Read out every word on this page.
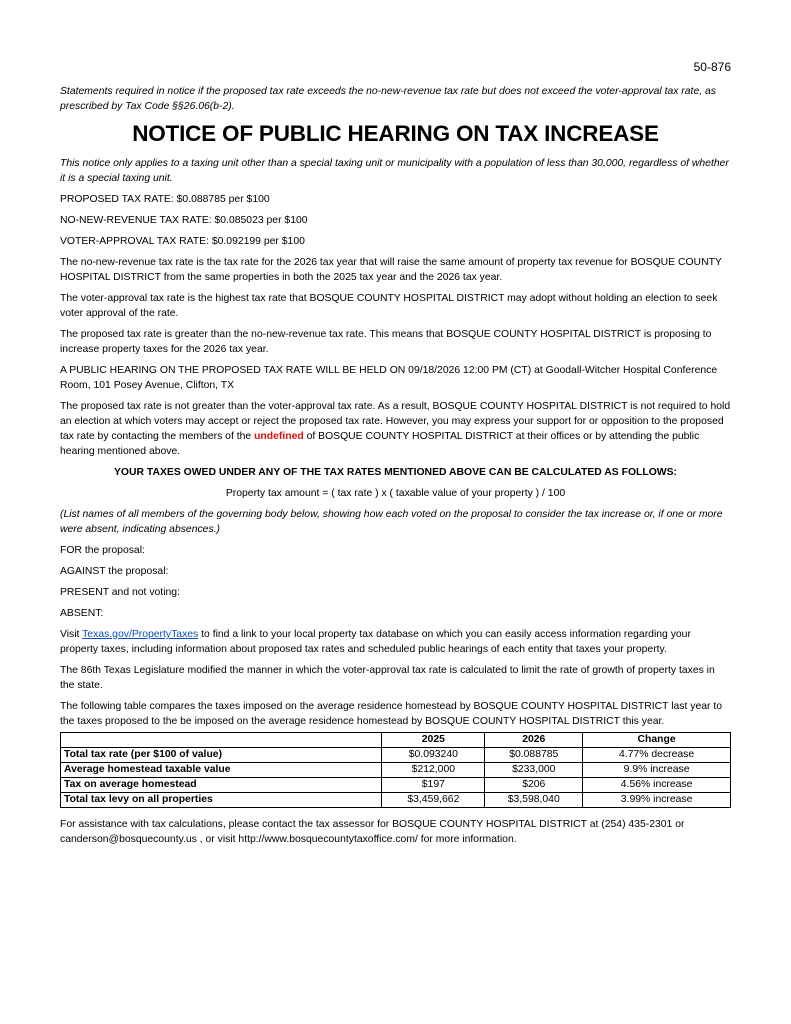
50-876
Statements required in notice if the proposed tax rate exceeds the no-new-revenue tax rate but does not exceed the voter-approval tax rate, as prescribed by Tax Code §§26.06(b-2).
NOTICE OF PUBLIC HEARING ON TAX INCREASE

This notice only applies to a taxing unit other than a special taxing unit or municipality with a population of less than 30,000, regardless of whether it is a special taxing unit.

PROPOSED TAX RATE: $0.088785 per $100

NO-NEW-REVENUE TAX RATE: $0.085023 per $100

VOTER-APPROVAL TAX RATE: $0.092199 per $100

The no-new-revenue tax rate is the tax rate for the 2026 tax year that will raise the same amount of property tax revenue for BOSQUE COUNTY HOSPITAL DISTRICT from the same properties in both the 2025 tax year and the 2026 tax year.

The voter-approval tax rate is the highest tax rate that BOSQUE COUNTY HOSPITAL DISTRICT may adopt without holding an election to seek voter approval of the rate.

The proposed tax rate is greater than the no-new-revenue tax rate. This means that BOSQUE COUNTY HOSPITAL DISTRICT is proposing to increase property taxes for the 2026 tax year.

A PUBLIC HEARING ON THE PROPOSED TAX RATE WILL BE HELD ON 09/18/2026 12:00 PM (CT) at Goodall-Witcher Hospital Conference Room, 101 Posey Avenue, Clifton, TX

The proposed tax rate is not greater than the voter-approval tax rate. As a result, BOSQUE COUNTY HOSPITAL DISTRICT is not required to hold an election at which voters may accept or reject the proposed tax rate. However, you may express your support for or opposition to the proposed tax rate by contacting the members of the undefined of BOSQUE COUNTY HOSPITAL DISTRICT at their offices or by attending the public hearing mentioned above.

YOUR TAXES OWED UNDER ANY OF THE TAX RATES MENTIONED ABOVE CAN BE CALCULATED AS FOLLOWS:

Property tax amount = ( tax rate ) x ( taxable value of your property ) / 100

(List names of all members of the governing body below, showing how each voted on the proposal to consider the tax increase or, if one or more were absent, indicating absences.)

FOR the proposal:

AGAINST the proposal:

PRESENT and not voting:

ABSENT:

Visit Texas.gov/PropertyTaxes to find a link to your local property tax database on which you can easily access information regarding your property taxes, including information about proposed tax rates and scheduled public hearings of each entity that taxes your property.

The 86th Texas Legislature modified the manner in which the voter-approval tax rate is calculated to limit the rate of growth of property taxes in the state.

The following table compares the taxes imposed on the average residence homestead by BOSQUE COUNTY HOSPITAL DISTRICT last year to the taxes proposed to the be imposed on the average residence homestead by BOSQUE COUNTY HOSPITAL DISTRICT this year.

	2025	2026	Change
Total tax rate (per $100 of value)	$0.093240	$0.088785	4.77% decrease
Average homestead taxable value	$212,000	$233,000	9.9% increase
Tax on average homestead	$197	$206	4.56% increase
Total tax levy on all properties	$3,459,662	$3,598,040	3.99% increase

For assistance with tax calculations, please contact the tax assessor for BOSQUE COUNTY HOSPITAL DISTRICT at (254) 435-2301 or canderson@bosquecounty.us , or visit http://www.bosquecountytaxoffice.com/ for more information.
